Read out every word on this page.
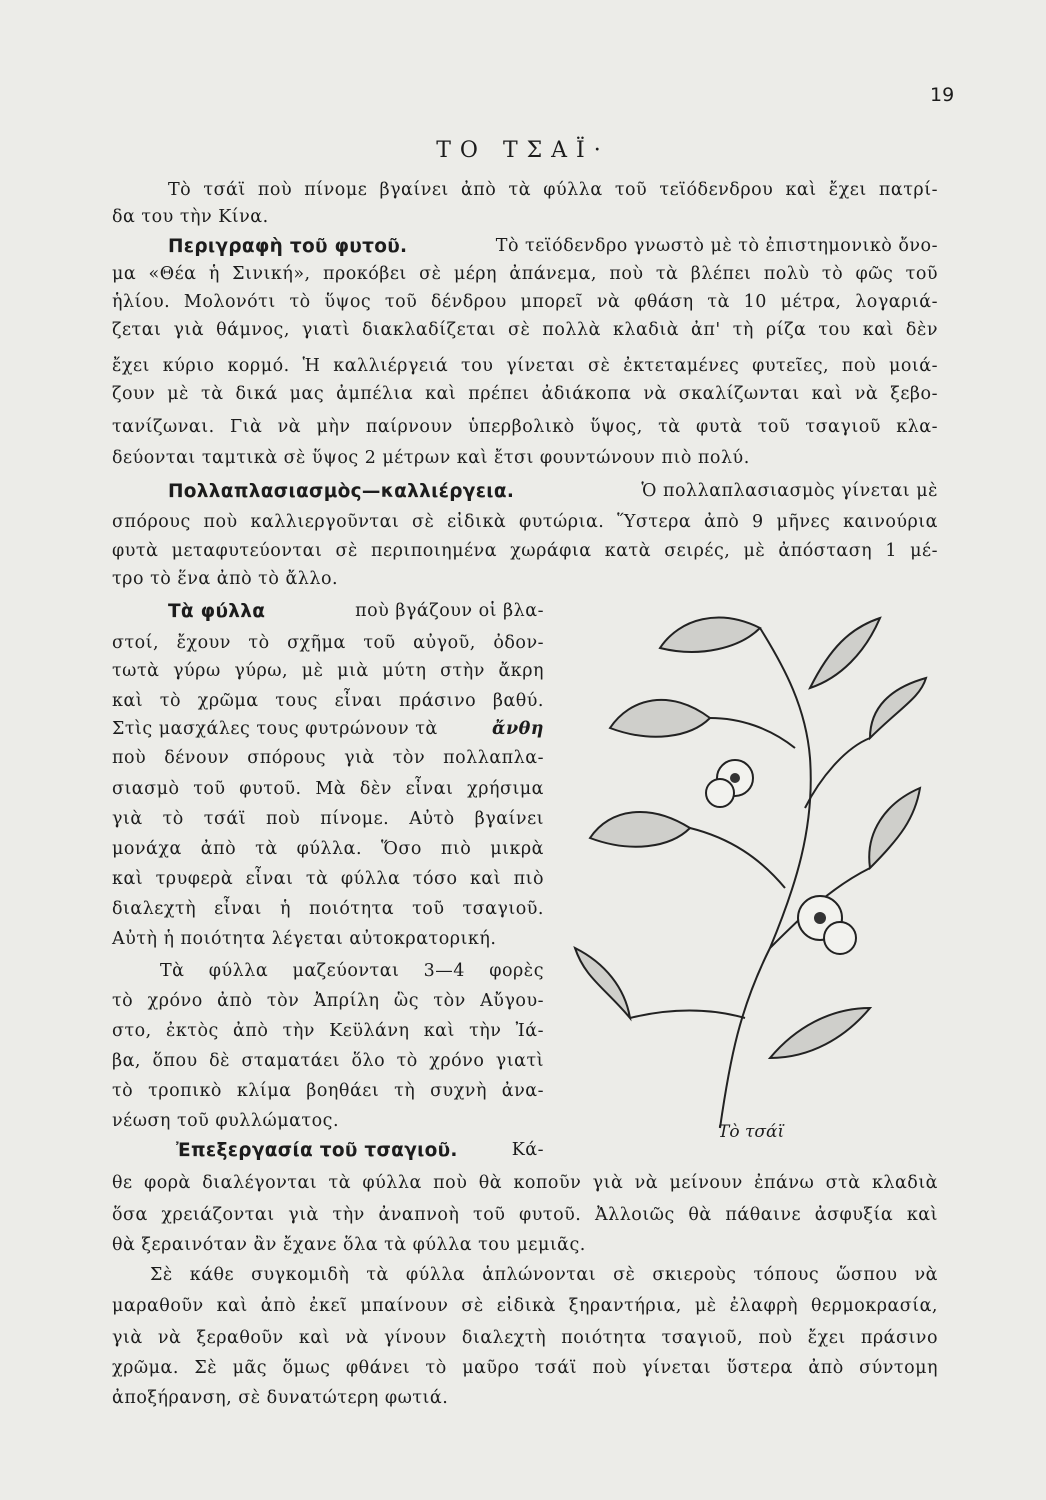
19
ΤΟ ΤΣΑΪ·
Τὸ τσάϊ ποὺ πίνομε βγαίνει ἀπὸ τὰ φύλλα τοῦ τεϊόδενδρου καὶ ἔχει πατρί-
δα του τὴν Κίνα.
Περιγραφὴ τοῦ φυτοῦ.	Τὸ τεϊόδενδρο γνωστὸ μὲ τὸ ἐπιστημονικὸ ὄνο-
μα «Θέα ἡ Σινική», προκόβει σὲ μέρη ἀπάνεμα, ποὺ τὰ βλέπει πολὺ τὸ φῶς τοῦ
ἡλίου. Μολονότι τὸ ὕψος τοῦ δένδρου μπορεῖ νὰ φθάση τὰ 10 μέτρα, λογαριά-
ζεται γιὰ θάμνος, γιατὶ διακλαδίζεται σὲ πολλὰ κλαδιὰ ἀπ' τὴ ρίζα του καὶ δὲν
ἔχει κύριο κορμό. Ἡ καλλιέργειά του γίνεται σὲ ἐκτεταμένες φυτεῖες, ποὺ μοιά-
ζουν μὲ τὰ δικά μας ἀμπέλια καὶ πρέπει ἀδιάκοπα νὰ σκαλίζωνται καὶ νὰ ξεβο-
τανίζωναι. Γιὰ νὰ μὴν παίρνουν ὑπερβολικὸ ὕψος, τὰ φυτὰ τοῦ τσαγιοῦ κλα-
δεύονται ταμτικὰ σὲ ὕψος 2 μέτρων καὶ ἔτσι φουντώνουν πιὸ πολύ.
Πολλαπλασιασμὸς—καλλιέργεια.	Ὁ πολλαπλασιασμὸς γίνεται μὲ
σπόρους ποὺ καλλιεργοῦνται σὲ εἰδικὰ φυτώρια. Ὕστερα ἀπὸ 9 μῆνες καινούρια
φυτὰ μεταφυτεύονται σὲ περιποιημένα χωράφια κατὰ σειρές, μὲ ἀπόσταση 1 μέ-
τρο τὸ ἕνα ἀπὸ τὸ ἄλλο.
Τὰ φύλλα	ποὺ βγάζουν οἱ βλα-
στοί, ἔχουν τὸ σχῆμα τοῦ αὐγοῦ, ὀδον-
τωτὰ γύρω γύρω, μὲ μιὰ μύτη στὴν ἄκρη
καὶ τὸ χρῶμα τους εἶναι πράσινο βαθύ.
Στὶς μασχάλες τους φυτρώνουν τὰ	ἄνθη
ποὺ δένουν σπόρους γιὰ τὸν πολλαπλα-
σιασμὸ τοῦ φυτοῦ. Μὰ δὲν εἶναι χρήσιμα
γιὰ τὸ τσάϊ ποὺ πίνομε. Αὐτὸ βγαίνει
μονάχα ἀπὸ τὰ φύλλα. Ὅσο πιὸ μικρὰ
καὶ τρυφερὰ εἶναι τὰ φύλλα τόσο καὶ πιὸ
διαλεχτὴ εἶναι ἡ ποιότητα τοῦ τσαγιοῦ.
Αὐτὴ ἡ ποιότητα λέγεται αὐτοκρατορική.
Τὰ φύλλα μαζεύονται 3—4 φορὲς
τὸ χρόνο ἀπὸ τὸν Ἀπρίλη ὣς τὸν Αὔγου-
στο, ἐκτὸς ἀπὸ τὴν Κεϋλάνη καὶ τὴν Ἰά-
βα, ὅπου δὲ σταματάει ὅλο τὸ χρόνο γιατὶ
τὸ τροπικὸ κλίμα βοηθάει τὴ συχνὴ ἀνα-
νέωση τοῦ φυλλώματος.
Ἐπεξεργασία τοῦ τσαγιοῦ.	Κά-
θε φορὰ διαλέγονται τὰ φύλλα ποὺ θὰ κοποῦν γιὰ νὰ μείνουν ἐπάνω στὰ κλαδιὰ
ὅσα χρειάζονται γιὰ τὴν ἀναπνοὴ τοῦ φυτοῦ. Ἀλλοιῶς θὰ πάθαινε ἀσφυξία καὶ
θὰ ξεραινόταν ἂν ἔχανε ὅλα τὰ φύλλα του μεμιᾶς.
Σὲ κάθε συγκομιδὴ τὰ φύλλα ἁπλώνονται σὲ σκιεροὺς τόπους ὥσπου νὰ
μαραθοῦν καὶ ἀπὸ ἐκεῖ μπαίνουν σὲ εἰδικὰ ξηραντήρια, μὲ ἐλαφρὴ θερμοκρασία,
γιὰ νὰ ξεραθοῦν καὶ νὰ γίνουν διαλεχτὴ ποιότητα τσαγιοῦ, ποὺ ἔχει πράσινο
χρῶμα. Σὲ μᾶς ὅμως φθάνει τὸ μαῦρο τσάϊ ποὺ γίνεται ὕστερα ἀπὸ σύντομη
ἀποξήρανση, σὲ δυνατώτερη φωτιά.
Τὸ τσάϊ
